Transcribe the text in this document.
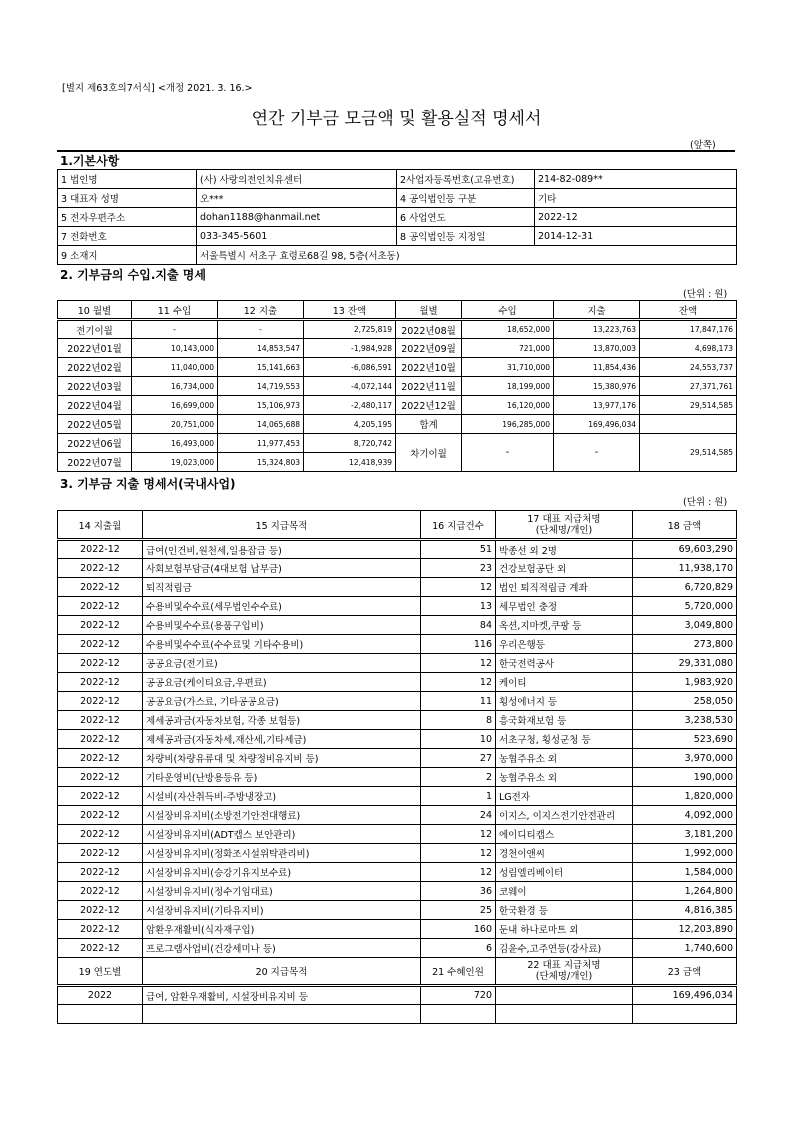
[별지 제63호의7서식] <개정 2021. 3. 16.>
연간 기부금 모금액 및 활용실적 명세서
(앞쪽)
1.기본사항
1 법인명	(사) 사랑의전인치유센터	2사업자등록번호(고유번호)	214-82-089**
3 대표자 성명	오***	4 공익법인등 구분	기타
5 전자우편주소	dohan1188@hanmail.net	6 사업연도	2022-12
7 전화번호	033-345-5601	8 공익법인등 지정일	2014-12-31
9 소재지	서울특별시 서초구 효령로68길 98, 5층(서초동)		
2. 기부금의 수입.지출 명세
(단위 : 원)
10 월별	11 수입	12 지출	13 잔액	월별	수입	지출	잔액
전기이월	-	-	2,725,819	2022년08월	18,652,000	13,223,763	17,847,176
2022년01월	10,143,000	14,853,547	-1,984,928	2022년09월	721,000	13,870,003	4,698,173
2022년02월	11,040,000	15,141,663	-6,086,591	2022년10월	31,710,000	11,854,436	24,553,737
2022년03월	16,734,000	14,719,553	-4,072,144	2022년11월	18,199,000	15,380,976	27,371,761
2022년04월	16,699,000	15,106,973	-2,480,117	2022년12월	16,120,000	13,977,176	29,514,585
2022년05월	20,751,000	14,065,688	4,205,195	합계	196,285,000	169,496,034	
2022년06월	16,493,000	11,977,453	8,720,742	차기이월	-	-	29,514,585
2022년07월	19,023,000	15,324,803	12,418,939				
3. 기부금 지출 명세서(국내사업)
(단위 : 원)
14 지출월	15 지급목적	16 지급건수	17 대표 지급처명
(단체명/개인)	18 금액
2022-12	급여(인건비,원천세,일용잡급 등)	51	박종선 외 2명	69,603,290
2022-12	사회보험부담금(4대보험 납부금)	23	건강보험공단 외	11,938,170
2022-12	퇴직적립금	12	법인 퇴직적립금 계좌	6,720,829
2022-12	수용비및수수료(세무법인수수료)	13	세무법인 충정	5,720,000
2022-12	수용비및수수료(용품구입비)	84	옥션,지마켓,쿠팡 등	3,049,800
2022-12	수용비및수수료(수수료및 기타수용비)	116	우리은행등	273,800
2022-12	공공요금(전기료)	12	한국전력공사	29,331,080
2022-12	공공요금(케이티요금,우편료)	12	케이티	1,983,920
2022-12	공공요금(가스료, 기타공공요금)	11	횡성에너지 등	258,050
2022-12	제세공과금(자동차보험, 각종 보험등)	8	흥국화재보험 등	3,238,530
2022-12	제세공과금(자동차세,재산세,기타세금)	10	서초구청, 횡성군청 등	523,690
2022-12	차량비(차량유류대 및 차량정비유지비 등)	27	농협주유소 외	3,970,000
2022-12	기타운영비(난방용등유 등)	2	농협주유소 외	190,000
2022-12	시설비(자산취득비-주방냉장고)	1	LG전자	1,820,000
2022-12	시설장비유지비(소방전기안전대행료)	24	이지스, 이지스전기안전관리	4,092,000
2022-12	시설장비유지비(ADT캡스 보안관리)	12	에이디티캡스	3,181,200
2022-12	시설장비유지비(정화조시설위탁관리비)	12	경천이앤씨	1,992,000
2022-12	시설장비유지비(승강기유지보수료)	12	성림엘리베이터	1,584,000
2022-12	시설장비유지비(정수기임대료)	36	코웨이	1,264,800
2022-12	시설장비유지비(기타유지비)	25	한국환경 등	4,816,385
2022-12	암환우재활비(식자재구입)	160	둔내 하나로마트 외	12,203,890
2022-12	프로그램사업비(건강세미나 등)	6	김윤수,고주연등(강사료)	1,740,600
19 연도별	20 지급목적	21 수혜인원	22 대표 지급처명
(단체명/개인)	23 금액
2022	급여, 암환우재활비, 시설장비유지비 등	720		169,496,034
